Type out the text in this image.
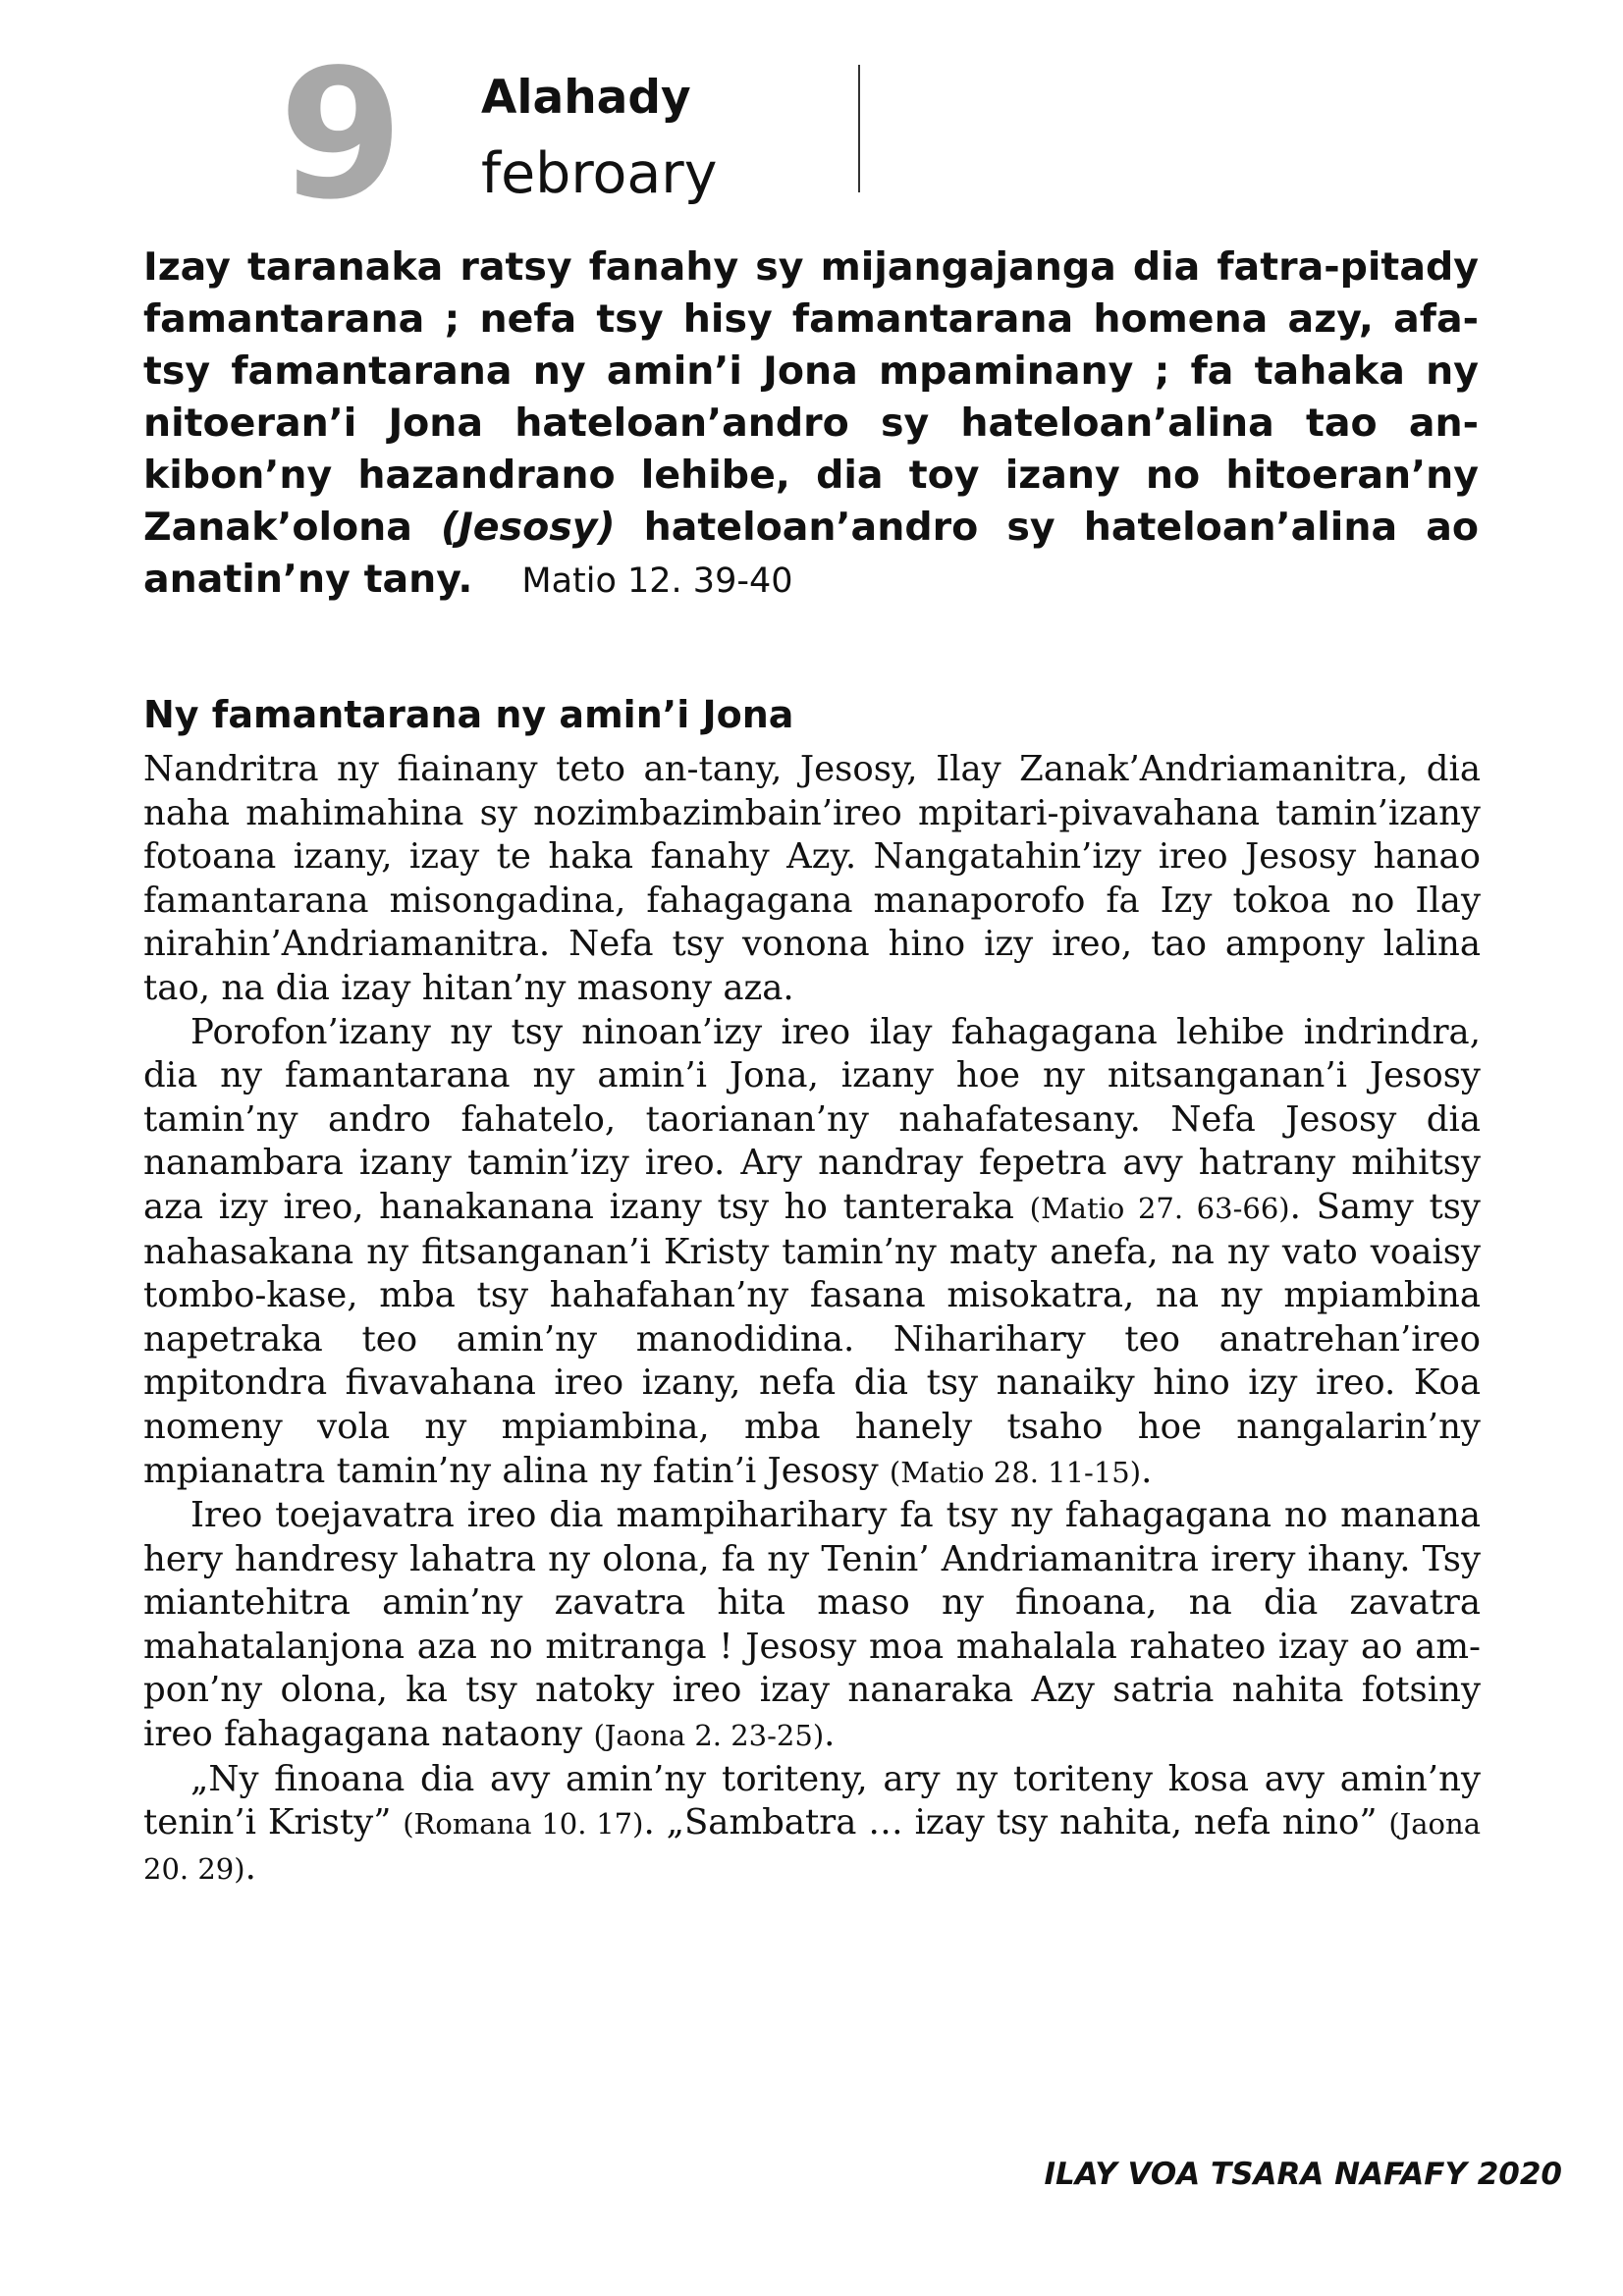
9 Alahady
febroary
Izay taranaka ratsy fanahy sy mijangajanga dia fatra-pitady famantarana ; nefa tsy hisy famantarana homena azy, afa-tsy famantarana ny amin’i Jona mpaminany ; fa tahaka ny nitoeran’i Jona hateloan’andro sy hateloan’alina tao an-kibon’ny hazandrano lehibe, dia toy izany no hitoeran’ny Zanak’olona (Jesosy) hateloan’andro sy hateloan’alina ao anatin’ny tany. Matio 12. 39-40
Ny famantarana ny amin’i Jona

Nandritra ny fiainany teto an-tany, Jesosy, Ilay Zanak’Andriamanitra, dia naha mahimahina sy nozimbazimbain’ireo mpitari-pivavahana tamin’izany fotoana izany, izay te haka fanahy Azy. Nangatahin’izy ireo Jesosy hanao famantarana misongadina, fahagagana manaporofo fa Izy tokoa no Ilay nirahin’Andriamanitra. Nefa tsy vonona hino izy ireo, tao ampony lalina tao, na dia izay hitan’ny masony aza.

Porofon’izany ny tsy ninoan’izy ireo ilay fahagagana lehibe indrindra, dia ny famantarana ny amin’i Jona, izany hoe ny nitsanganan’i Jesosy tamin’ny andro fahatelo, taorianan’ny nahafatesany. Nefa Jesosy dia nanambara izany tamin’izy ireo. Ary nandray fepetra avy hatrany mihitsy aza izy ireo, hanakanana izany tsy ho tanteraka (Matio 27. 63-66). Samy tsy nahasakana ny fitsanganan’i Kristy tamin’ny maty anefa, na ny vato voaisy tombo-kase, mba tsy hahafahan’ny fasana misokatra, na ny mpiambina napetraka teo amin’ny manodidina. Niharihary teo anatrehan’ireo mpitondra fivavahana ireo izany, nefa dia tsy nanaiky hino izy ireo. Koa nomeny vola ny mpiambina, mba hanely tsaho hoe nangalarin’ny mpianatra tamin’ny alina ny fatin’i Jesosy (Matio 28. 11-15).

Ireo toejavatra ireo dia mampiharihary fa tsy ny fahagagana no manana hery handresy lahatra ny olona, fa ny Tenin’ Andriamanitra irery ihany. Tsy miantehitra amin’ny zavatra hita maso ny finoana, na dia zavatra mahatalanjona aza no mitranga ! Jesosy moa mahalala rahateo izay ao am-pon’ny olona, ka tsy natoky ireo izay nanaraka Azy satria nahita fotsiny ireo fahagagana nataony (Jaona 2. 23-25).

„Ny finoana dia avy amin’ny toriteny, ary ny toriteny kosa avy amin’ny tenin’i Kristy” (Romana 10. 17). „Sambatra … izay tsy nahita, nefa nino” (Jaona 20. 29).

ILAY VOA TSARA NAFAFY 2020
